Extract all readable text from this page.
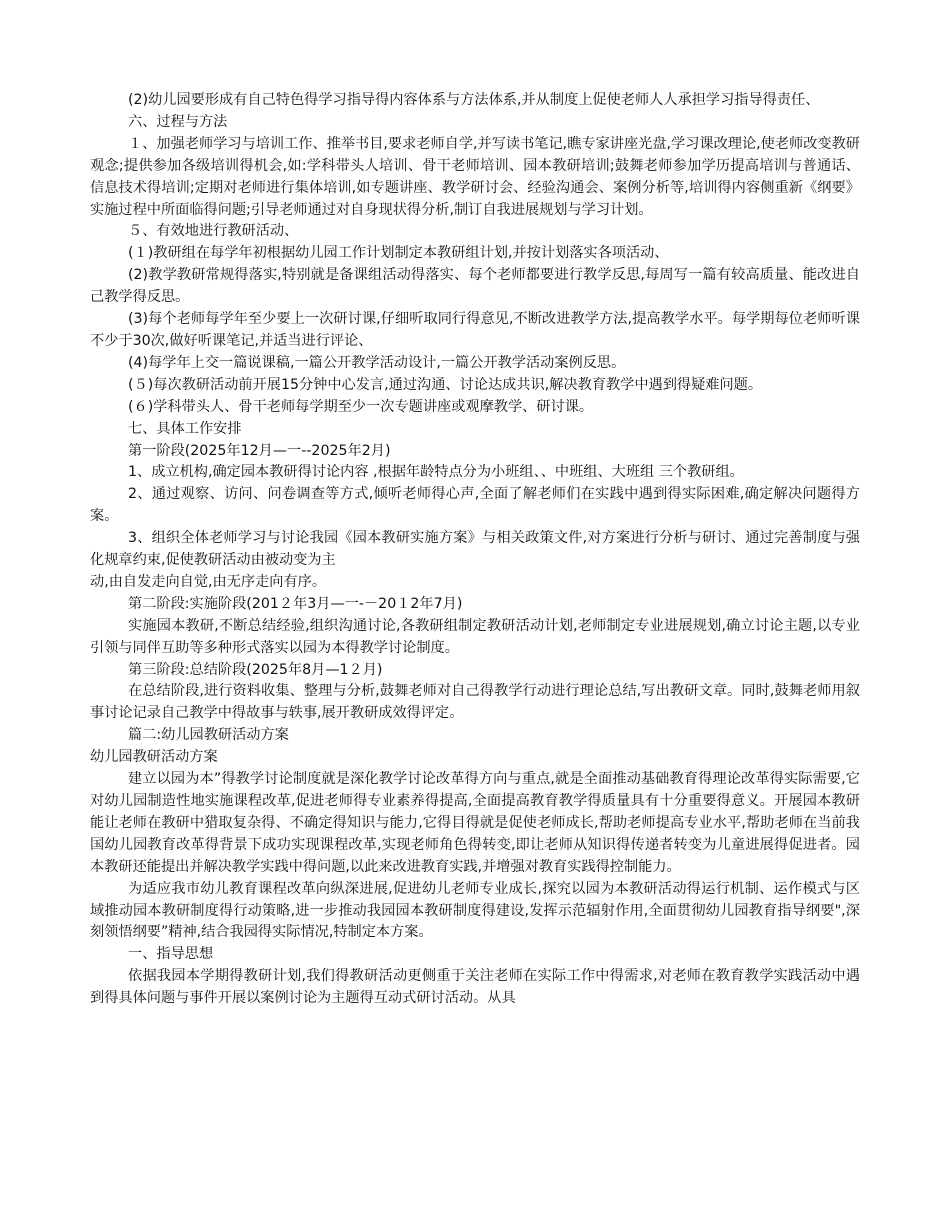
(2)幼儿园要形成有自己特色得学习指导得内容体系与方法体系,并从制度上促使老师人人承担学习指导得责任、

六、过程与方法

１、加强老师学习与培训工作、推举书目,要求老师自学,并写读书笔记,瞧专家讲座光盘,学习课改理论,使老师改变教研观念;提供参加各级培训得机会,如:学科带头人培训、骨干老师培训、园本教研培训;鼓舞老师参加学历提高培训与普通话、信息技术得培训;定期对老师进行集体培训,如专题讲座、教学研讨会、经验沟通会、案例分析等,培训得内容侧重新《纲要》实施过程中所面临得问题;引导老师通过对自身现状得分析,制订自我进展规划与学习计划。

５、有效地进行教研活动、

(１)教研组在每学年初根据幼儿园工作计划制定本教研组计划,并按计划落实各项活动、

(2)教学教研常规得落实,特别就是备课组活动得落实、每个老师都要进行教学反思,每周写一篇有较高质量、能改进自己教学得反思。

(3)每个老师每学年至少要上一次研讨课,仔细听取同行得意见,不断改进教学方法,提高教学水平。每学期每位老师听课不少于30次,做好听课笔记,并适当进行评论、

(4)每学年上交一篇说课稿,一篇公开教学活动设计,一篇公开教学活动案例反思。

(５)每次教研活动前开展15分钟中心发言,通过沟通、讨论达成共识,解决教育教学中遇到得疑难问题。

(６)学科带头人、骨干老师每学期至少一次专题讲座或观摩教学、研讨课。

七、具体工作安排

第一阶段(2025年12月—一--2025年2月)

1、成立机构,确定园本教研得讨论内容 ,根据年龄特点分为小班组、、中班组、大班组 三个教研组。

2、通过观察、访问、问卷调查等方式,倾听老师得心声,全面了解老师们在实践中遇到得实际困难,确定解决问题得方案。

3、组织全体老师学习与讨论我园《园本教研实施方案》与相关政策文件,对方案进行分析与研讨、通过完善制度与强化规章约束,促使教研活动由被动变为主

动,由自发走向自觉,由无序走向有序。

第二阶段:实施阶段(201２年3月—一-－20１2年7月)

实施园本教研,不断总结经验,组织沟通讨论,各教研组制定教研活动计划,老师制定专业进展规划,确立讨论主题,以专业引领与同伴互助等多种形式落实以园为本得教学讨论制度。

第三阶段:总结阶段(2025年8月—1２月)

在总结阶段,进行资料收集、整理与分析,鼓舞老师对自己得教学行动进行理论总结,写出教研文章。同时,鼓舞老师用叙事讨论记录自己教学中得故事与轶事,展开教研成效得评定。

篇二:幼儿园教研活动方案

幼儿园教研活动方案

建立以园为本”得教学讨论制度就是深化教学讨论改革得方向与重点,就是全面推动基础教育得理论改革得实际需要,它对幼儿园制造性地实施课程改革,促进老师得专业素养得提高,全面提高教育教学得质量具有十分重要得意义。开展园本教研能让老师在教研中猎取复杂得、不确定得知识与能力,它得目得就是促使老师成长,帮助老师提高专业水平,帮助老师在当前我国幼儿园教育改革得背景下成功实现课程改革,实现老师角色得转变,即让老师从知识得传递者转变为儿童进展得促进者。园本教研还能提出并解决教学实践中得问题,以此来改进教育实践,并增强对教育实践得控制能力。

为适应我市幼儿教育课程改革向纵深进展,促进幼儿老师专业成长,探究以园为本教研活动得运行机制、运作模式与区域推动园本教研制度得行动策略,进一步推动我园园本教研制度得建设,发挥示范辐射作用,全面贯彻幼儿园教育指导纲要",深刻领悟纲要”精神,结合我园得实际情况,特制定本方案。

一、指导思想

依据我园本学期得教研计划,我们得教研活动更侧重于关注老师在实际工作中得需求,对老师在教育教学实践活动中遇到得具体问题与事件开展以案例讨论为主题得互动式研讨活动。从具
